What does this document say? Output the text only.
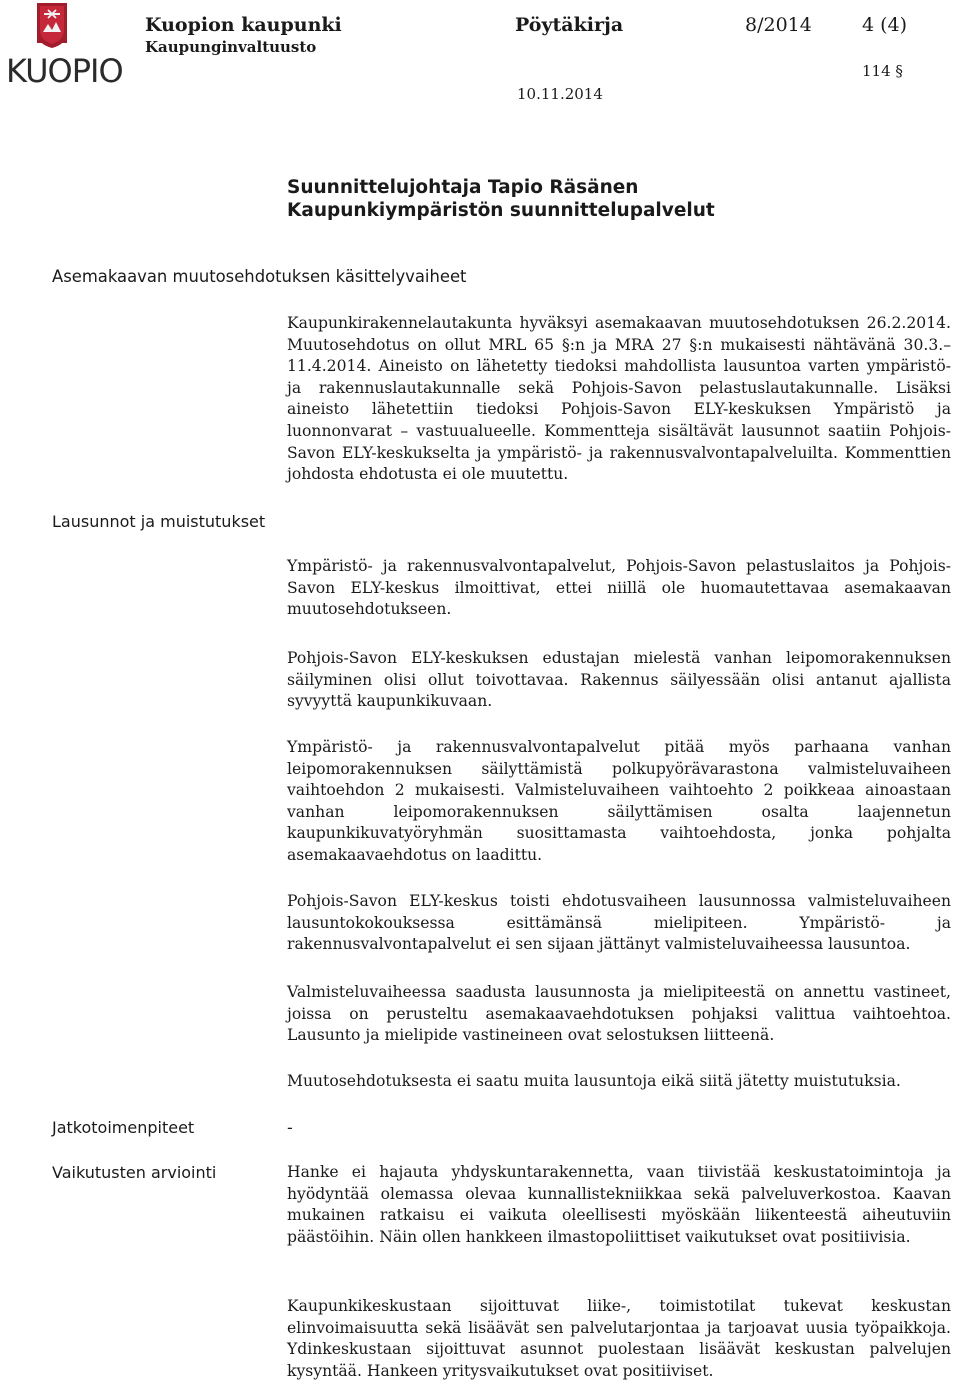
KUOPIO
Kuopion kaupunki
Kaupunginvaltuusto
Pöytäkirja	8/2014	4 (4)
114 §
10.11.2014
Suunnittelujohtaja Tapio Räsänen
Kaupunkiympäristön suunnittelupalvelut
Asemakaavan muutosehdotuksen käsittelyvaiheet
Kaupunkirakennelautakunta hyväksyi asemakaavan muutosehdotuksen 26.2.2014. Muutosehdotus on ollut MRL 65 §:n ja MRA 27 §:n mukaisesti nähtävänä 30.3.–11.4.2014. Aineisto on lähetetty tiedoksi mahdollista lausuntoa varten ympäristö- ja rakennuslautakunnalle sekä Pohjois-Savon pelastuslautakunnalle. Lisäksi aineisto lähetettiin tiedoksi Pohjois-Savon ELY-keskuksen Ympäristö ja luonnonvarat – vastuualueelle. Kommentteja sisältävät lausunnot saatiin Pohjois-Savon ELY-keskukselta ja ympäristö- ja rakennusvalvontapalveluilta. Kommenttien johdosta ehdotusta ei ole muutettu.
Lausunnot ja muistutukset
Ympäristö- ja rakennusvalvontapalvelut, Pohjois-Savon pelastuslaitos ja Pohjois-Savon ELY-keskus ilmoittivat, ettei niillä ole huomautettavaa asemakaavan muutosehdotukseen.
Pohjois-Savon ELY-keskuksen edustajan mielestä vanhan leipomorakennuksen säilyminen olisi ollut toivottavaa. Rakennus säilyessään olisi antanut ajallista syvyyttä kaupunkikuvaan.
Ympäristö- ja rakennusvalvontapalvelut pitää myös parhaana vanhan leipomorakennuksen säilyttämistä polkupyörävarastona valmisteluvaiheen vaihtoehdon 2 mukaisesti. Valmisteluvaiheen vaihtoehto 2 poikkeaa ainoastaan vanhan leipomorakennuksen säilyttämisen osalta laajennetun kaupunkikuvatyöryhmän suosittamasta vaihtoehdosta, jonka pohjalta asemakaavaehdotus on laadittu.
Pohjois-Savon ELY-keskus toisti ehdotusvaiheen lausunnossa valmisteluvaiheen lausuntokokouksessa esittämänsä mielipiteen. Ympäristö- ja rakennusvalvontapalvelut ei sen sijaan jättänyt valmisteluvaiheessa lausuntoa.
Valmisteluvaiheessa saadusta lausunnosta ja mielipiteestä on annettu vastineet, joissa on perusteltu asemakaavaehdotuksen pohjaksi valittua vaihtoehtoa. Lausunto ja mielipide vastineineen ovat selostuksen liitteenä.
Muutosehdotuksesta ei saatu muita lausuntoja eikä siitä jätetty muistutuksia.
Jatkotoimenpiteet	-
Vaikutusten arviointi	Hanke ei hajauta yhdyskuntarakennetta, vaan tiivistää keskustatoimintoja ja hyödyntää olemassa olevaa kunnallistekniikkaa sekä palveluverkostoa. Kaavan mukainen ratkaisu ei vaikuta oleellisesti myöskään liikenteestä aiheutuviin päästöihin. Näin ollen hankkeen ilmastopoliittiset vaikutukset ovat positiivisia.
Kaupunkikeskustaan sijoittuvat liike-, toimistotilat tukevat keskustan elinvoimaisuutta sekä lisäävät sen palvelutarjontaa ja tarjoavat uusia työpaikkoja. Ydinkeskustaan sijoittuvat asunnot puolestaan lisäävät keskustan palvelujen kysyntää. Hankeen yritysvaikutukset ovat positiiviset.
